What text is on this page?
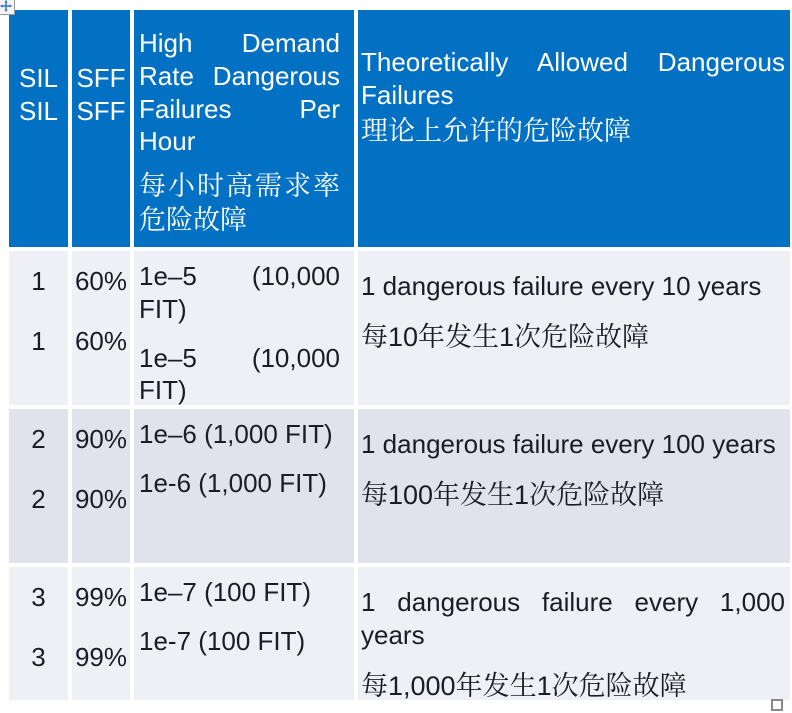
SIL

SIL

SFF

SFF

High Demand Rate Dangerous Failures Per Hour

每小时高需求率危险故障

Theoretically Allowed Dangerous Failures

理论上允许的危险故障

1

1

60%

60%

1e–5 (10,000 FIT)

1e–5 (10,000 FIT)

1 dangerous failure every 10 years

每10年发生1次危险故障

2

2

90%

90%

1e–6 (1,000 FIT)

1e-6 (1,000 FIT)

1 dangerous failure every 100 years

每100年发生1次危险故障

3

3

99%

99%

1e–7 (100 FIT)

1e-7 (100 FIT)

1 dangerous failure every 1,000 years

每1,000年发生1次危险故障
